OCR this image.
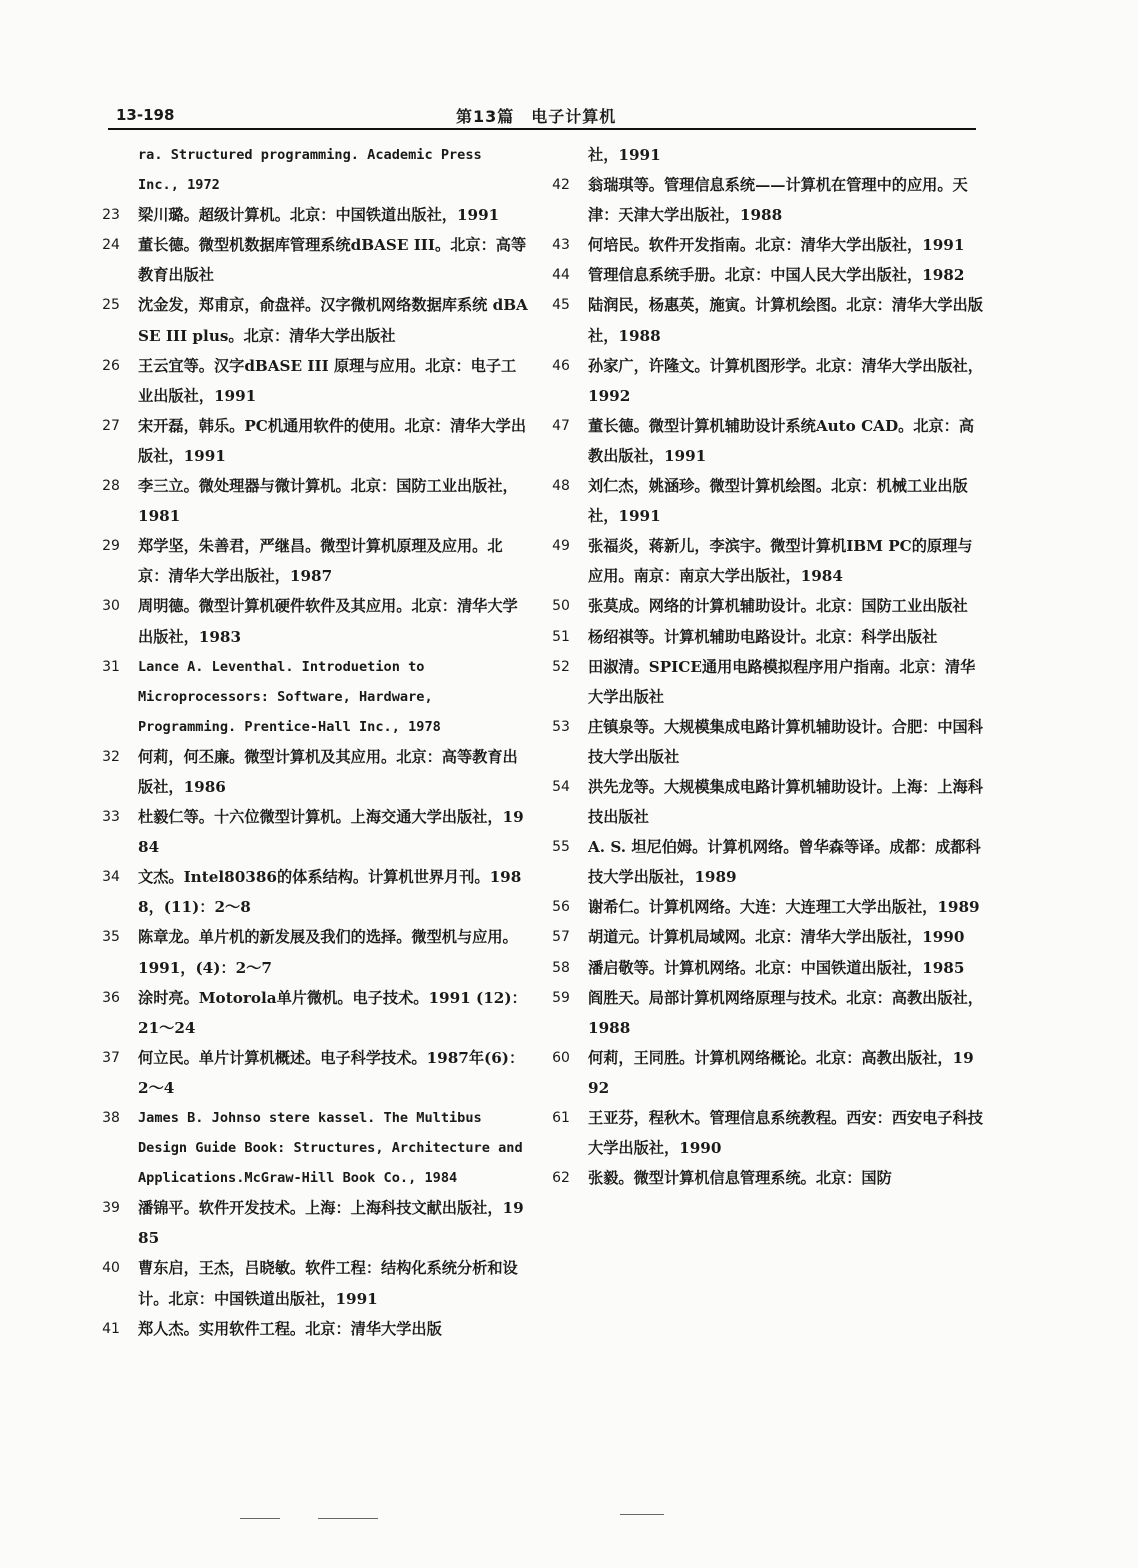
13-198	第13篇　电子计算机
ra. Structured programming. Academic Press Inc., 1972
23	梁川璐。超级计算机。北京：中国铁道出版社，1991
24	董长德。微型机数据库管理系统dBASE III。北京：高等教育出版社
25	沈金发，郑甫京，俞盘祥。汉字微机网络数据库系统 dBASE III plus。北京：清华大学出版社
26	王云宜等。汉字dBASE III 原理与应用。北京：电子工业出版社，1991
27	宋开磊，韩乐。PC机通用软件的使用。北京：清华大学出版社，1991
28	李三立。微处理器与微计算机。北京：国防工业出版社，1981
29	郑学坚，朱善君，严继昌。微型计算机原理及应用。北京：清华大学出版社，1987
30	周明德。微型计算机硬件软件及其应用。北京：清华大学出版社，1983
31	Lance A. Leventhal. Introduetion to Microprocessors: Software, Hardware, Programming. Prentice-Hall Inc., 1978
32	何莉，何丕廉。微型计算机及其应用。北京：高等教育出版社，1986
33	杜毅仁等。十六位微型计算机。上海交通大学出版社，1984
34	文杰。Intel80386的体系结构。计算机世界月刊。1988，(11)：2～8
35	陈章龙。单片机的新发展及我们的选择。微型机与应用。1991，(4)：2～7
36	涂时亮。Motorola单片微机。电子技术。1991 (12)：21～24
37	何立民。单片计算机概述。电子科学技术。1987年(6)：2～4
38	James B. Johnso stere kassel. The Multibus Design Guide Book: Structures, Architecture and Applications.McGraw-Hill Book Co., 1984
39	潘锦平。软件开发技术。上海：上海科技文献出版社，1985
40	曹东启，王杰，吕晓敏。软件工程：结构化系统分析和设计。北京：中国铁道出版社，1991
41	郑人杰。实用软件工程。北京：清华大学出版
社，1991
42	翁瑞琪等。管理信息系统——计算机在管理中的应用。天津：天津大学出版社，1988
43	何培民。软件开发指南。北京：清华大学出版社，1991
44	管理信息系统手册。北京：中国人民大学出版社，1982
45	陆润民，杨惠英，施寅。计算机绘图。北京：清华大学出版社，1988
46	孙家广，许隆文。计算机图形学。北京：清华大学出版社，1992
47	董长德。微型计算机辅助设计系统Auto CAD。北京：高教出版社，1991
48	刘仁杰，姚涵珍。微型计算机绘图。北京：机械工业出版社，1991
49	张福炎，蒋新儿，李滨宇。微型计算机IBM PC的原理与应用。南京：南京大学出版社，1984
50	张莫成。网络的计算机辅助设计。北京：国防工业出版社
51	杨绍祺等。计算机辅助电路设计。北京：科学出版社
52	田淑清。SPICE通用电路模拟程序用户指南。北京：清华大学出版社
53	庄镇泉等。大规模集成电路计算机辅助设计。合肥：中国科技大学出版社
54	洪先龙等。大规模集成电路计算机辅助设计。上海：上海科技出版社
55	A. S. 坦尼伯姆。计算机网络。曾华森等译。成都：成都科技大学出版社，1989
56	谢希仁。计算机网络。大连：大连理工大学出版社，1989
57	胡道元。计算机局域网。北京：清华大学出版社，1990
58	潘启敬等。计算机网络。北京：中国铁道出版社，1985
59	阎胜天。局部计算机网络原理与技术。北京：高教出版社，1988
60	何莉，王同胜。计算机网络概论。北京：高教出版社，1992
61	王亚芬，程秋木。管理信息系统教程。西安：西安电子科技大学出版社，1990
62	张毅。微型计算机信息管理系统。北京：国防
